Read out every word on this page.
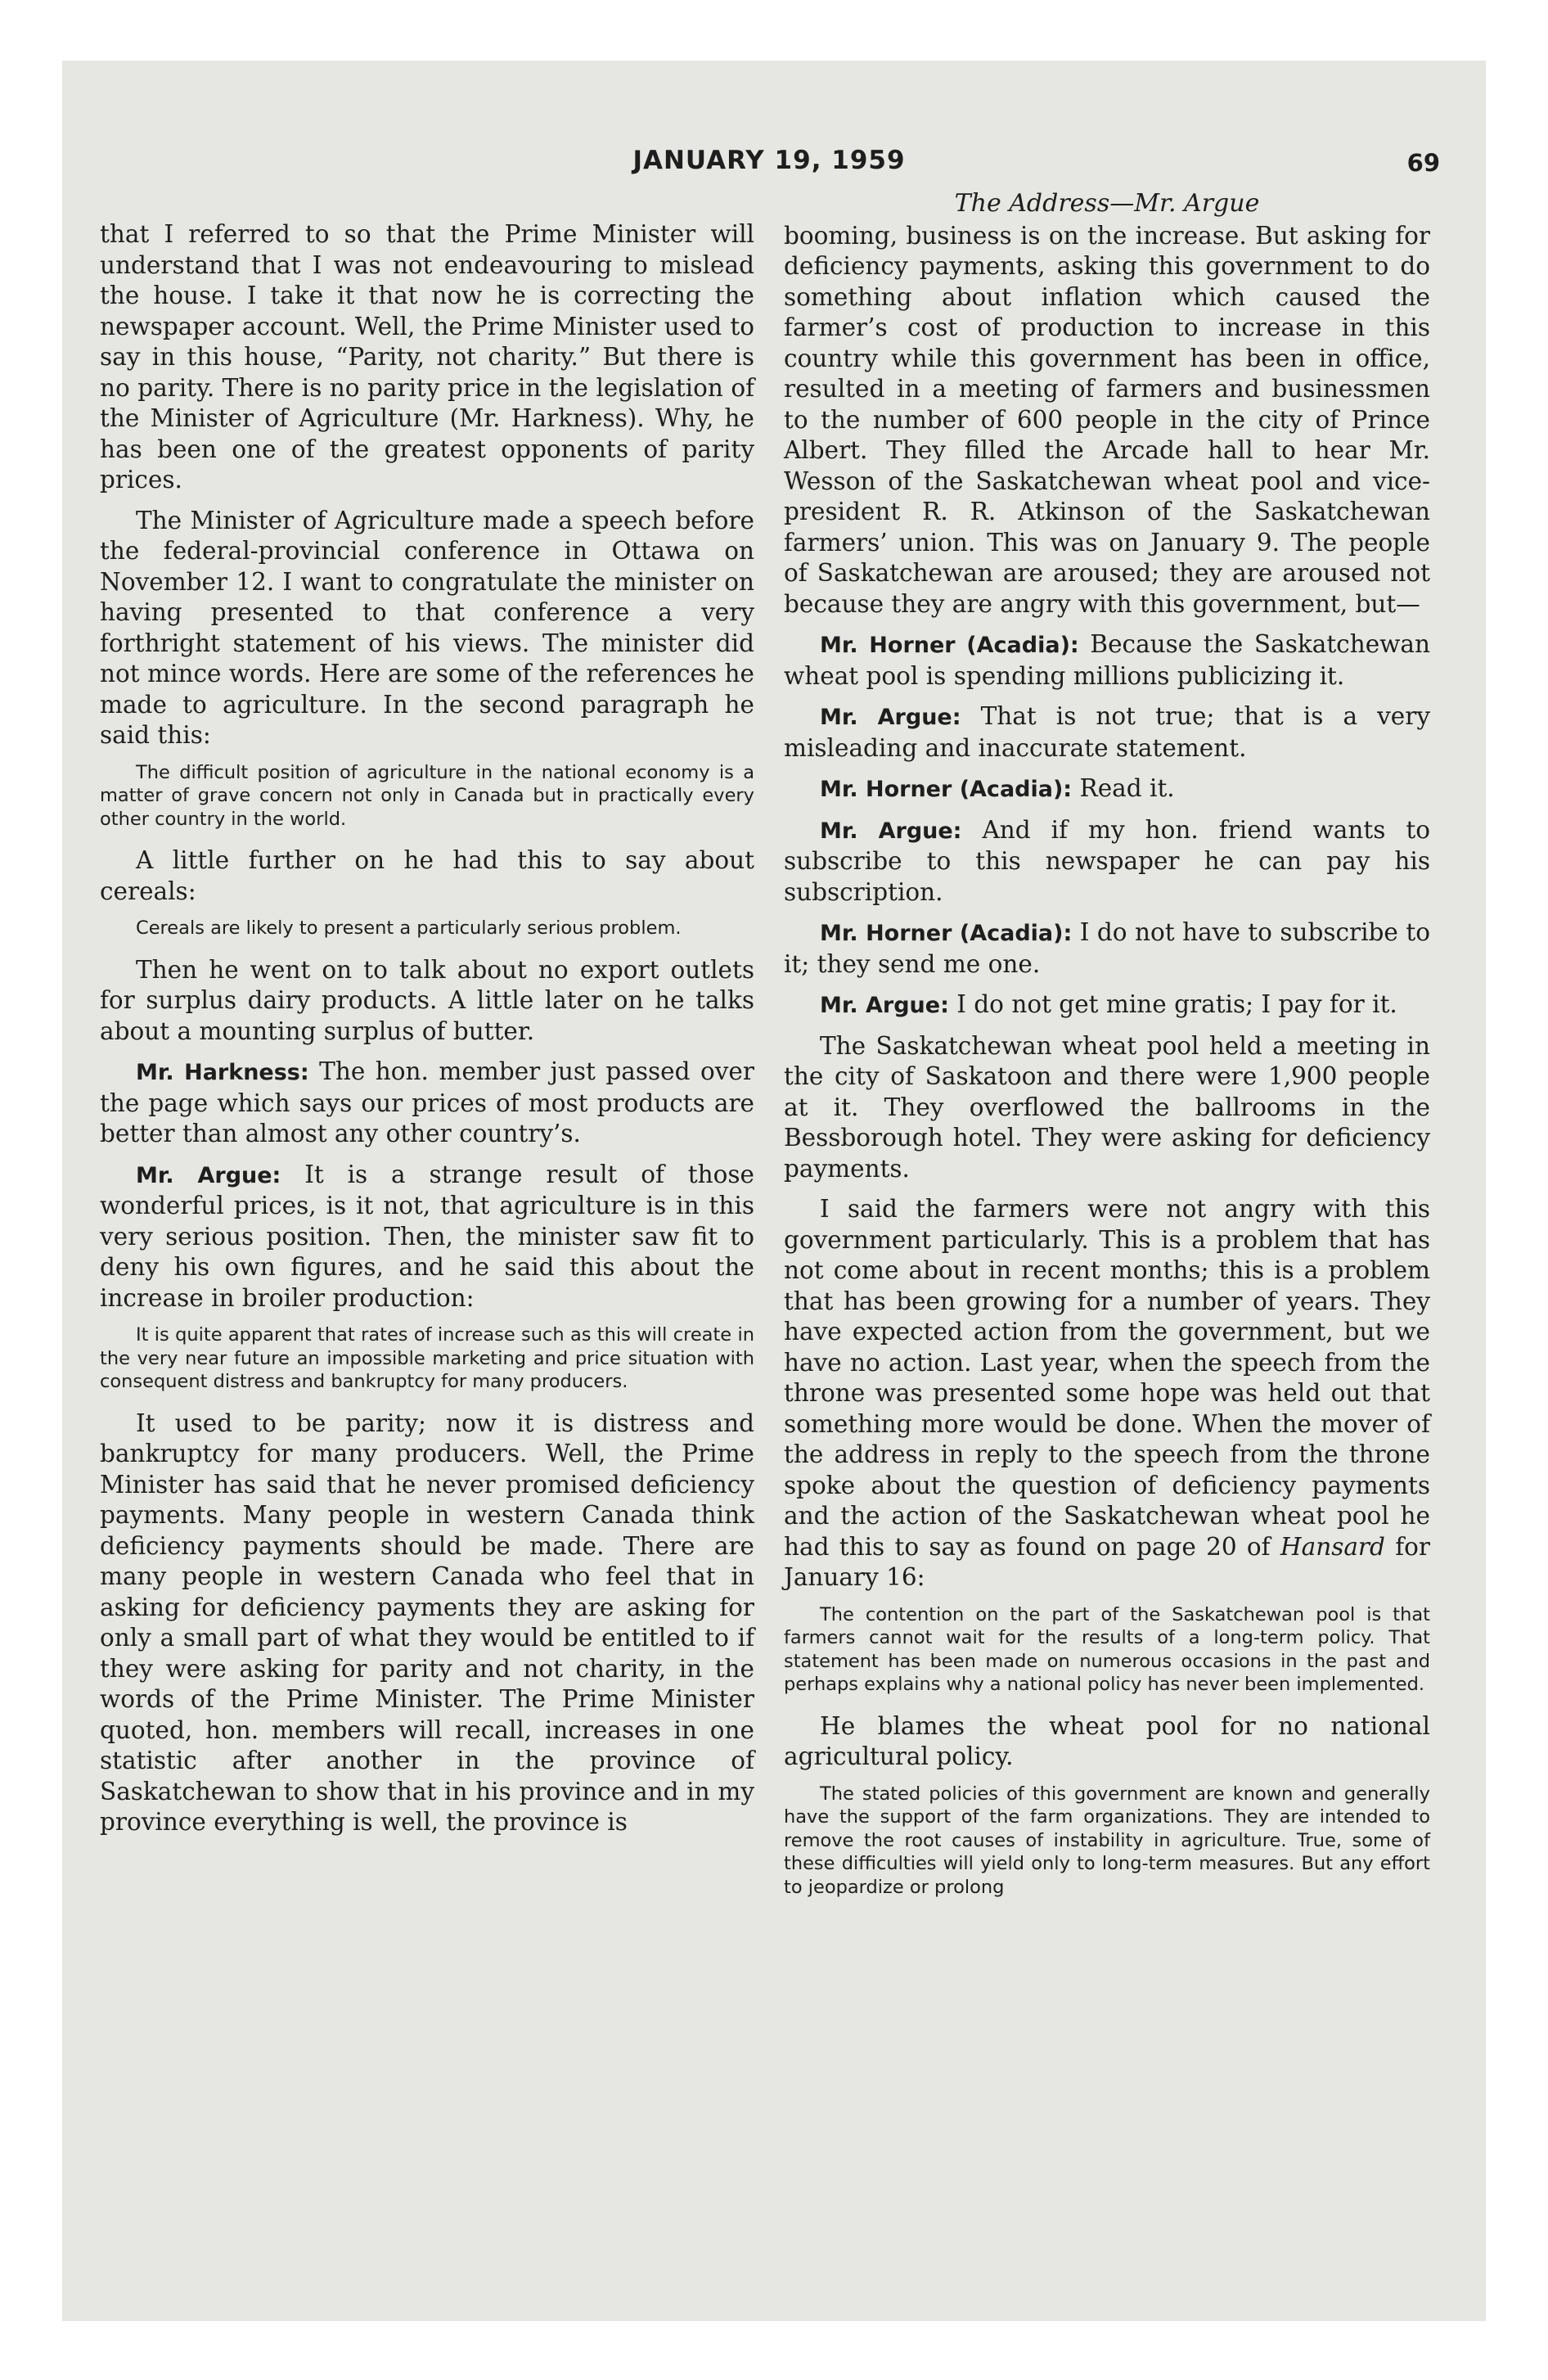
JANUARY 19, 1959	69

that I referred to so that the Prime Minister will understand that I was not endeavouring to mislead the house. I take it that now he is correcting the newspaper account. Well, the Prime Minister used to say in this house, “Parity, not charity.” But there is no parity. There is no parity price in the legislation of the Minister of Agriculture (Mr. Harkness). Why, he has been one of the greatest opponents of parity prices.

The Minister of Agriculture made a speech before the federal-provincial conference in Ottawa on November 12. I want to congratulate the minister on having presented to that conference a very forthright statement of his views. The minister did not mince words. Here are some of the references he made to agriculture. In the second paragraph he said this:

The difficult position of agriculture in the national economy is a matter of grave concern not only in Canada but in practically every other country in the world.

A little further on he had this to say about cereals:

Cereals are likely to present a particularly serious problem.

Then he went on to talk about no export outlets for surplus dairy products. A little later on he talks about a mounting surplus of butter.

Mr. Harkness: The hon. member just passed over the page which says our prices of most products are better than almost any other country’s.

Mr. Argue: It is a strange result of those wonderful prices, is it not, that agriculture is in this very serious position. Then, the minister saw fit to deny his own figures, and he said this about the increase in broiler production:

It is quite apparent that rates of increase such as this will create in the very near future an impossible marketing and price situation with consequent distress and bankruptcy for many producers.

It used to be parity; now it is distress and bankruptcy for many producers. Well, the Prime Minister has said that he never promised deficiency payments. Many people in western Canada think deficiency payments should be made. There are many people in western Canada who feel that in asking for deficiency payments they are asking for only a small part of what they would be entitled to if they were asking for parity and not charity, in the words of the Prime Minister. The Prime Minister quoted, hon. members will recall, increases in one statistic after another in the province of Saskatchewan to show that in his province and in my province everything is well, the province is

The Address—Mr. Argue

booming, business is on the increase. But asking for deficiency payments, asking this government to do something about inflation which caused the farmer’s cost of production to increase in this country while this government has been in office, resulted in a meeting of farmers and businessmen to the number of 600 people in the city of Prince Albert. They filled the Arcade hall to hear Mr. Wesson of the Saskatchewan wheat pool and vice-president R. R. Atkinson of the Saskatchewan farmers’ union. This was on January 9. The people of Saskatchewan are aroused; they are aroused not because they are angry with this government, but—

Mr. Horner (Acadia): Because the Saskatchewan wheat pool is spending millions publicizing it.

Mr. Argue: That is not true; that is a very misleading and inaccurate statement.

Mr. Horner (Acadia): Read it.

Mr. Argue: And if my hon. friend wants to subscribe to this newspaper he can pay his subscription.

Mr. Horner (Acadia): I do not have to subscribe to it; they send me one.

Mr. Argue: I do not get mine gratis; I pay for it.

The Saskatchewan wheat pool held a meeting in the city of Saskatoon and there were 1,900 people at it. They overflowed the ballrooms in the Bessborough hotel. They were asking for deficiency payments.

I said the farmers were not angry with this government particularly. This is a problem that has not come about in recent months; this is a problem that has been growing for a number of years. They have expected action from the government, but we have no action. Last year, when the speech from the throne was presented some hope was held out that something more would be done. When the mover of the address in reply to the speech from the throne spoke about the question of deficiency payments and the action of the Saskatchewan wheat pool he had this to say as found on page 20 of Hansard for January 16:

The contention on the part of the Saskatchewan pool is that farmers cannot wait for the results of a long-term policy. That statement has been made on numerous occasions in the past and perhaps explains why a national policy has never been implemented.

He blames the wheat pool for no national agricultural policy.

The stated policies of this government are known and generally have the support of the farm organizations. They are intended to remove the root causes of instability in agriculture. True, some of these difficulties will yield only to long-term measures. But any effort to jeopardize or prolong
